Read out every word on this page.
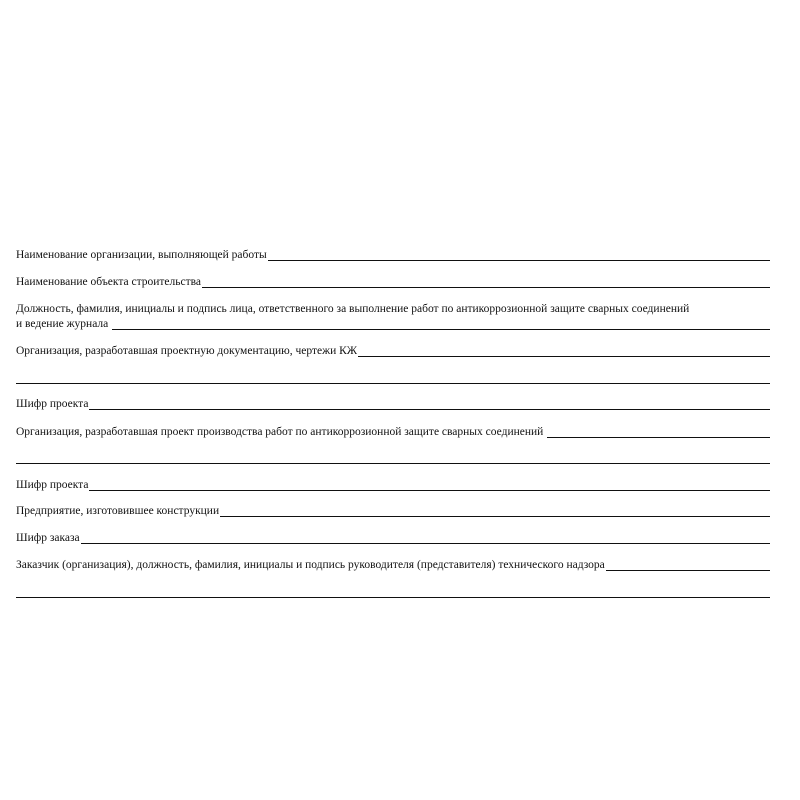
Наименование организации, выполняющей работы
Наименование объекта строительства
Должность, фамилия, инициалы и подпись лица, ответственного за выполнение работ по антикоррозионной защите сварных соединений
и ведение журнала
Организация, разработавшая проектную документацию, чертежи КЖ
Шифр проекта
Организация, разработавшая проект производства работ по антикоррозионной защите сварных соединений
Шифр проекта
Предприятие, изготовившее конструкции
Шифр заказа
Заказчик (организация), должность, фамилия, инициалы и подпись руководителя (представителя) технического надзора
